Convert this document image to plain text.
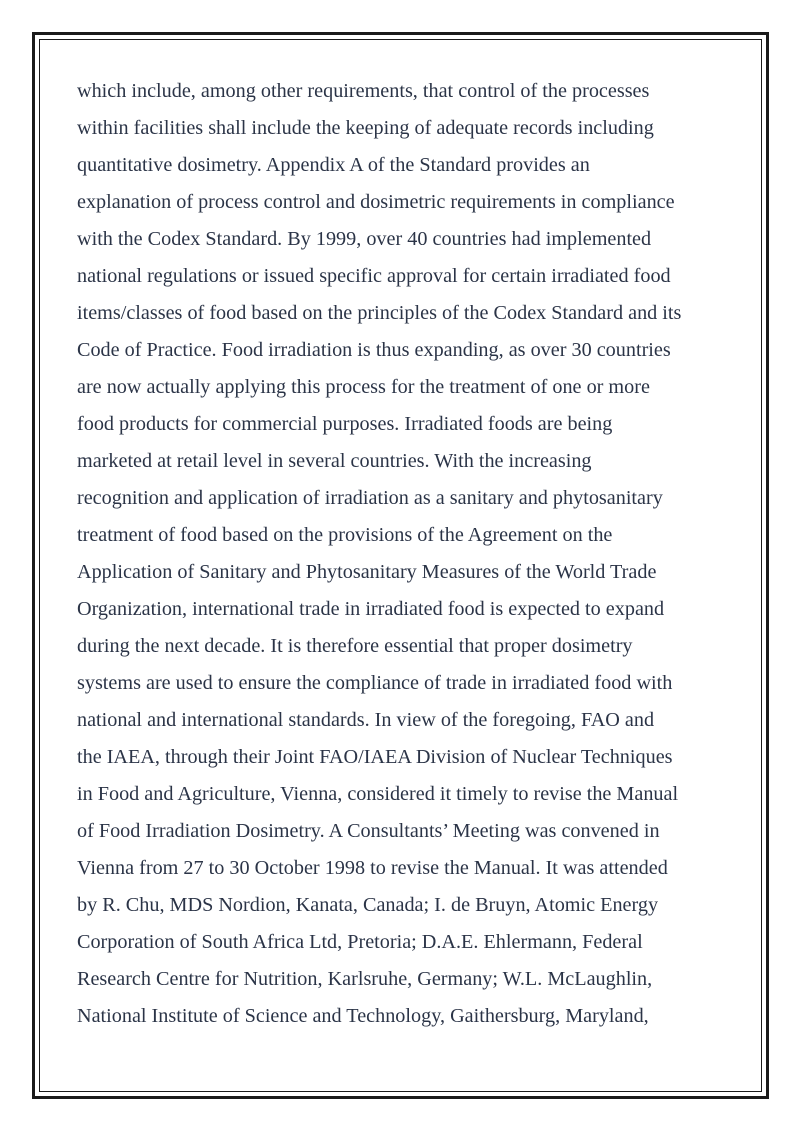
which include, among other requirements, that control of the processes
within facilities shall include the keeping of adequate records including
quantitative dosimetry. Appendix A of the Standard provides an
explanation of process control and dosimetric requirements in compliance
with the Codex Standard. By 1999, over 40 countries had implemented
national regulations or issued specific approval for certain irradiated food
items/classes of food based on the principles of the Codex Standard and its
Code of Practice. Food irradiation is thus expanding, as over 30 countries
are now actually applying this process for the treatment of one or more
food products for commercial purposes. Irradiated foods are being
marketed at retail level in several countries. With the increasing
recognition and application of irradiation as a sanitary and phytosanitary
treatment of food based on the provisions of the Agreement on the
Application of Sanitary and Phytosanitary Measures of the World Trade
Organization, international trade in irradiated food is expected to expand
during the next decade. It is therefore essential that proper dosimetry
systems are used to ensure the compliance of trade in irradiated food with
national and international standards. In view of the foregoing, FAO and
the IAEA, through their Joint FAO/IAEA Division of Nuclear Techniques
in Food and Agriculture, Vienna, considered it timely to revise the Manual
of Food Irradiation Dosimetry. A Consultants’ Meeting was convened in
Vienna from 27 to 30 October 1998 to revise the Manual. It was attended
by R. Chu, MDS Nordion, Kanata, Canada; I. de Bruyn, Atomic Energy
Corporation of South Africa Ltd, Pretoria; D.A.E. Ehlermann, Federal
Research Centre for Nutrition, Karlsruhe, Germany; W.L. McLaughlin,
National Institute of Science and Technology, Gaithersburg, Maryland,
